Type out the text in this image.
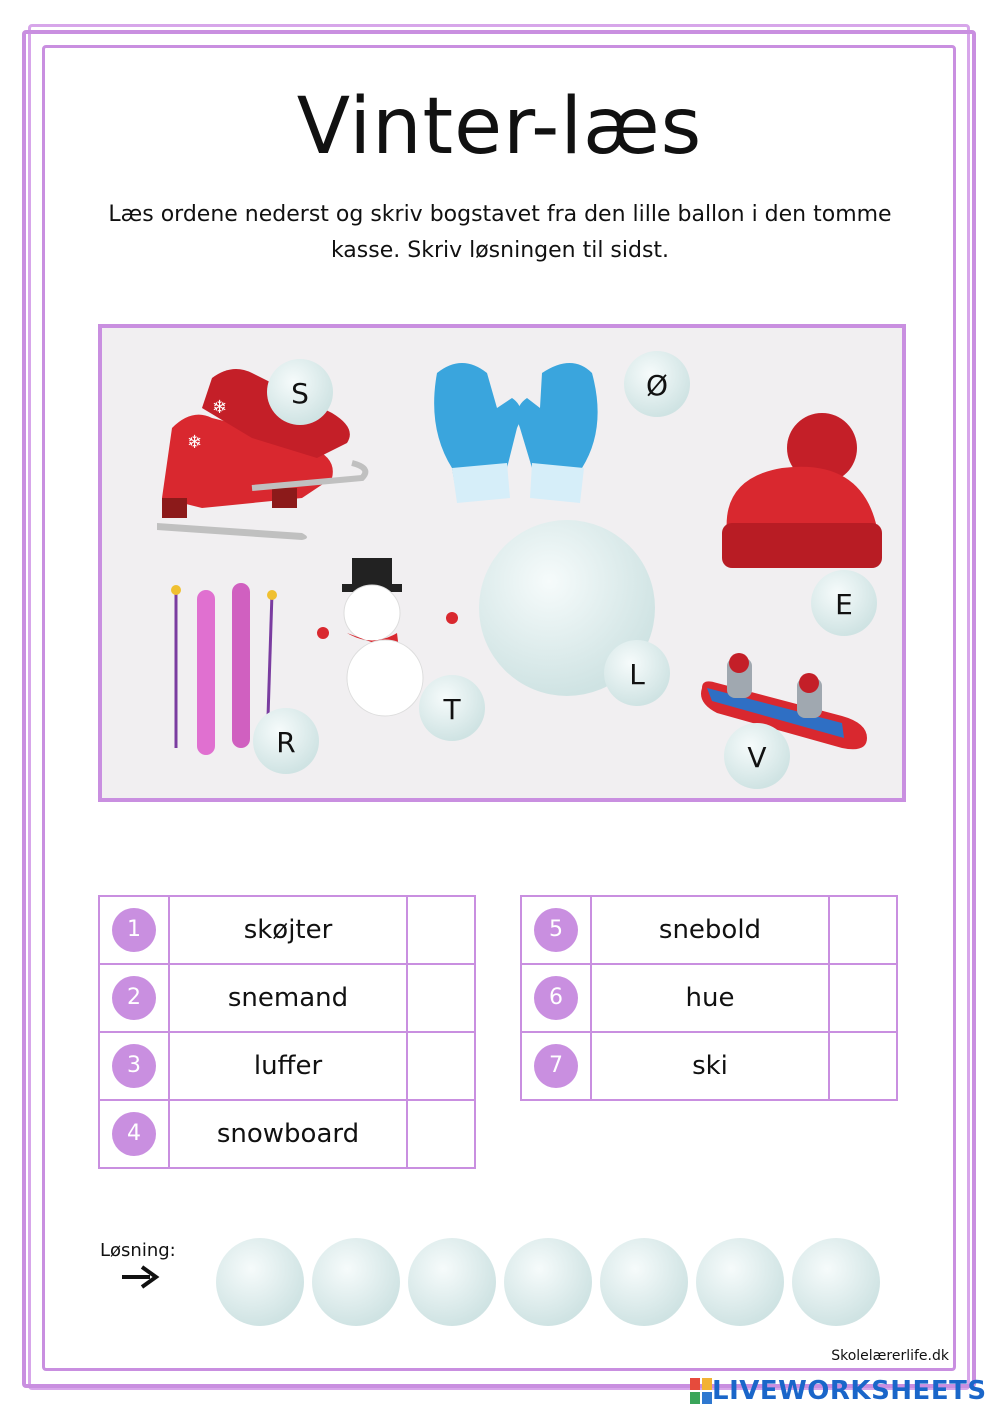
Vinter-læs
Læs ordene nederst og skriv bogstavet fra den lille ballon i den tomme kasse. Skriv løsningen til sidst.
❄
❄ S	Ø
E
R
T
L
V
1	skøjter	
2	snemand	
3	luffer	
4	snowboard	
5	snebold	
6	hue	
7	ski	
Løsning:
Skolelærerlife.dk
LIVEWORKSHEETS
